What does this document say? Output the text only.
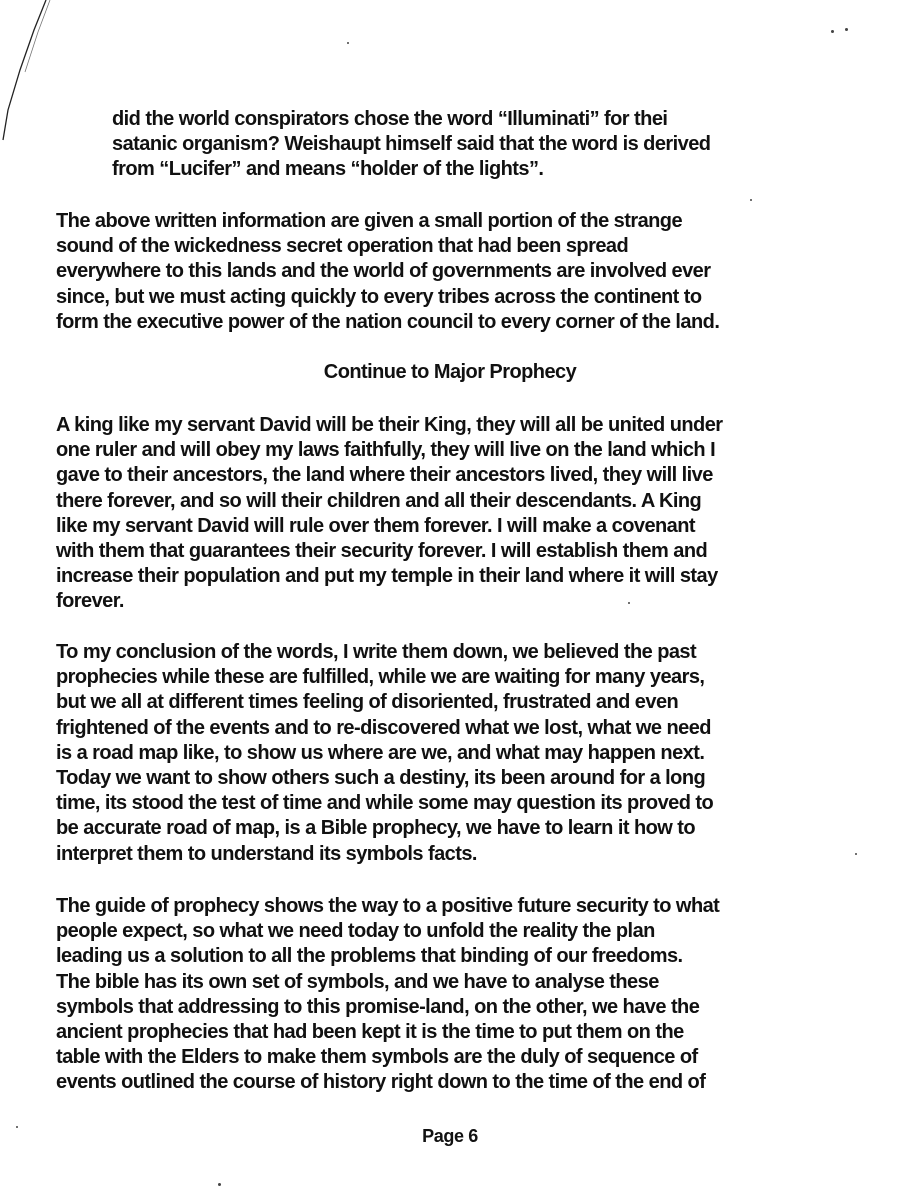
did the world conspirators chose the word “Illuminati” for thei
satanic organism? Weishaupt himself said that the word is derived
from “Lucifer” and means “holder of the lights”.

The above written information are given a small portion of the strange
sound of the wickedness secret operation that had been spread
everywhere to this lands and the world of governments are involved ever
since, but we must acting quickly to every tribes across the continent to
form the executive power of the nation council to every corner of the land.

Continue to Major Prophecy

A king like my servant David will be their King, they will all be united under
one ruler and will obey my laws faithfully, they will live on the land which I
gave to their ancestors, the land where their ancestors lived, they will live
there forever, and so will their children and all their descendants. A King
like my servant David will rule over them forever. I will make a covenant
with them that guarantees their security forever. I will establish them and
increase their population and put my temple in their land where it will stay
forever.

To my conclusion of the words, I write them down, we believed the past
prophecies while these are fulfilled, while we are waiting for many years,
but we all at different times feeling of disoriented, frustrated and even
frightened of the events and to re-discovered what we lost, what we need
is a road map like, to show us where are we, and what may happen next.
Today we want to show others such a destiny, its been around for a long
time, its stood the test of time and while some may question its proved to
be accurate road of map, is a Bible prophecy, we have to learn it how to
interpret them to understand its symbols facts.

The guide of prophecy shows the way to a positive future security to what
people expect, so what we need today to unfold the reality the plan
leading us a solution to all the problems that binding of our freedoms.
The bible has its own set of symbols, and we have to analyse these
symbols that addressing to this promise-land, on the other, we have the
ancient prophecies that had been kept it is the time to put them on the
table with the Elders to make them symbols are the duly of sequence of
events outlined the course of history right down to the time of the end of

Page 6
